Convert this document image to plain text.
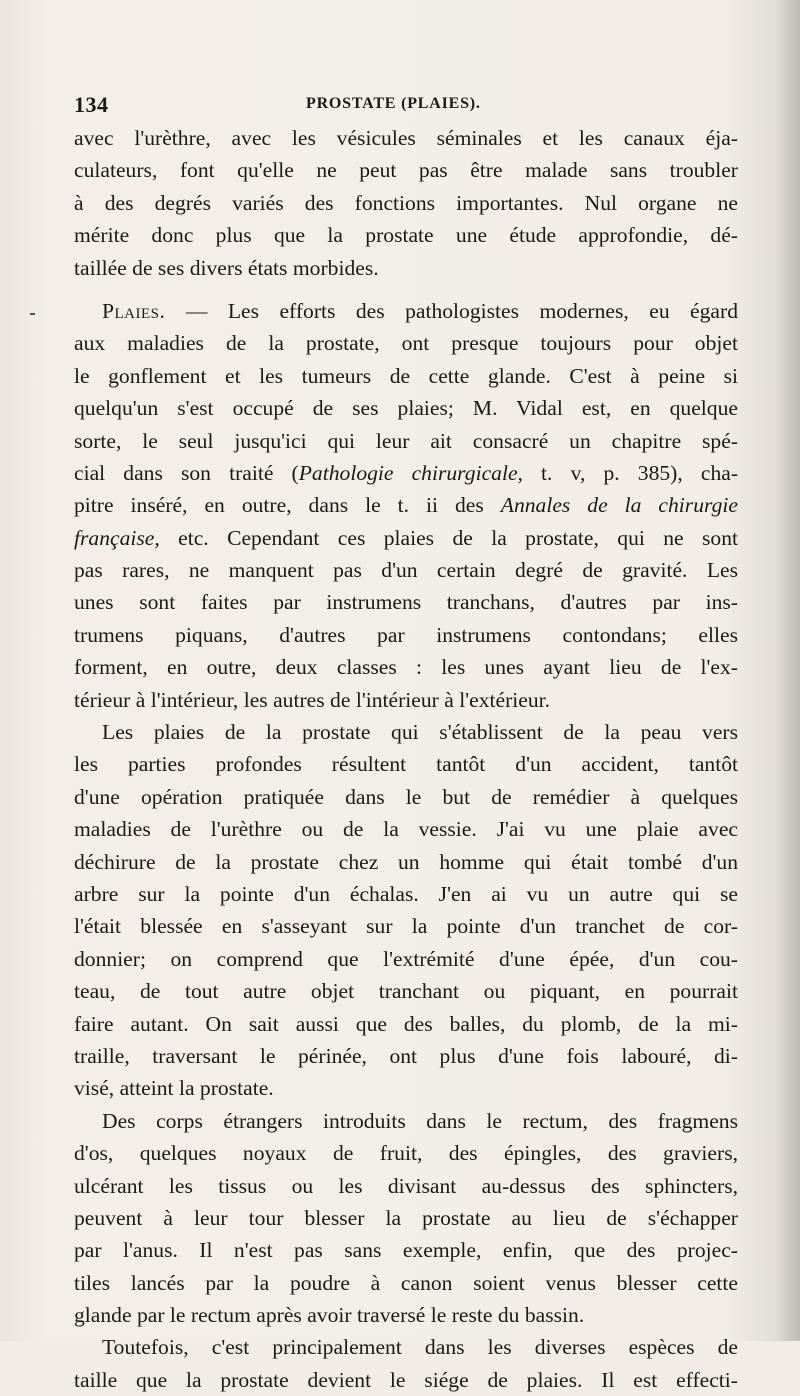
134	PROSTATE (PLAIES).
avec l'urèthre, avec les vésicules séminales et les canaux éja-
culateurs, font qu'elle ne peut pas être malade sans troubler
à des degrés variés des fonctions importantes. Nul organe ne
mérite donc plus que la prostate une étude approfondie, dé-
taillée de ses divers états morbides.
Plaies. — Les efforts des pathologistes modernes, eu égard
aux maladies de la prostate, ont presque toujours pour objet
le gonflement et les tumeurs de cette glande. C'est à peine si
quelqu'un s'est occupé de ses plaies; M. Vidal est, en quelque
sorte, le seul jusqu'ici qui leur ait consacré un chapitre spé-
cial dans son traité (Pathologie chirurgicale, t. v, p. 385), cha-
pitre inséré, en outre, dans le t. ii des Annales de la chirurgie
française, etc. Cependant ces plaies de la prostate, qui ne sont
pas rares, ne manquent pas d'un certain degré de gravité. Les
unes sont faites par instrumens tranchans, d'autres par ins-
trumens piquans, d'autres par instrumens contondans; elles
forment, en outre, deux classes : les unes ayant lieu de l'ex-
térieur à l'intérieur, les autres de l'intérieur à l'extérieur.
Les plaies de la prostate qui s'établissent de la peau vers
les parties profondes résultent tantôt d'un accident, tantôt
d'une opération pratiquée dans le but de remédier à quelques
maladies de l'urèthre ou de la vessie. J'ai vu une plaie avec
déchirure de la prostate chez un homme qui était tombé d'un
arbre sur la pointe d'un échalas. J'en ai vu un autre qui se
l'était blessée en s'asseyant sur la pointe d'un tranchet de cor-
donnier; on comprend que l'extrémité d'une épée, d'un cou-
teau, de tout autre objet tranchant ou piquant, en pourrait
faire autant. On sait aussi que des balles, du plomb, de la mi-
traille, traversant le périnée, ont plus d'une fois labouré, di-
visé, atteint la prostate.
Des corps étrangers introduits dans le rectum, des fragmens
d'os, quelques noyaux de fruit, des épingles, des graviers,
ulcérant les tissus ou les divisant au-dessus des sphincters,
peuvent à leur tour blesser la prostate au lieu de s'échapper
par l'anus. Il n'est pas sans exemple, enfin, que des projec-
tiles lancés par la poudre à canon soient venus blesser cette
glande par le rectum après avoir traversé le reste du bassin.
Toutefois, c'est principalement dans les diverses espèces de
taille que la prostate devient le siége de plaies. Il est effecti-
